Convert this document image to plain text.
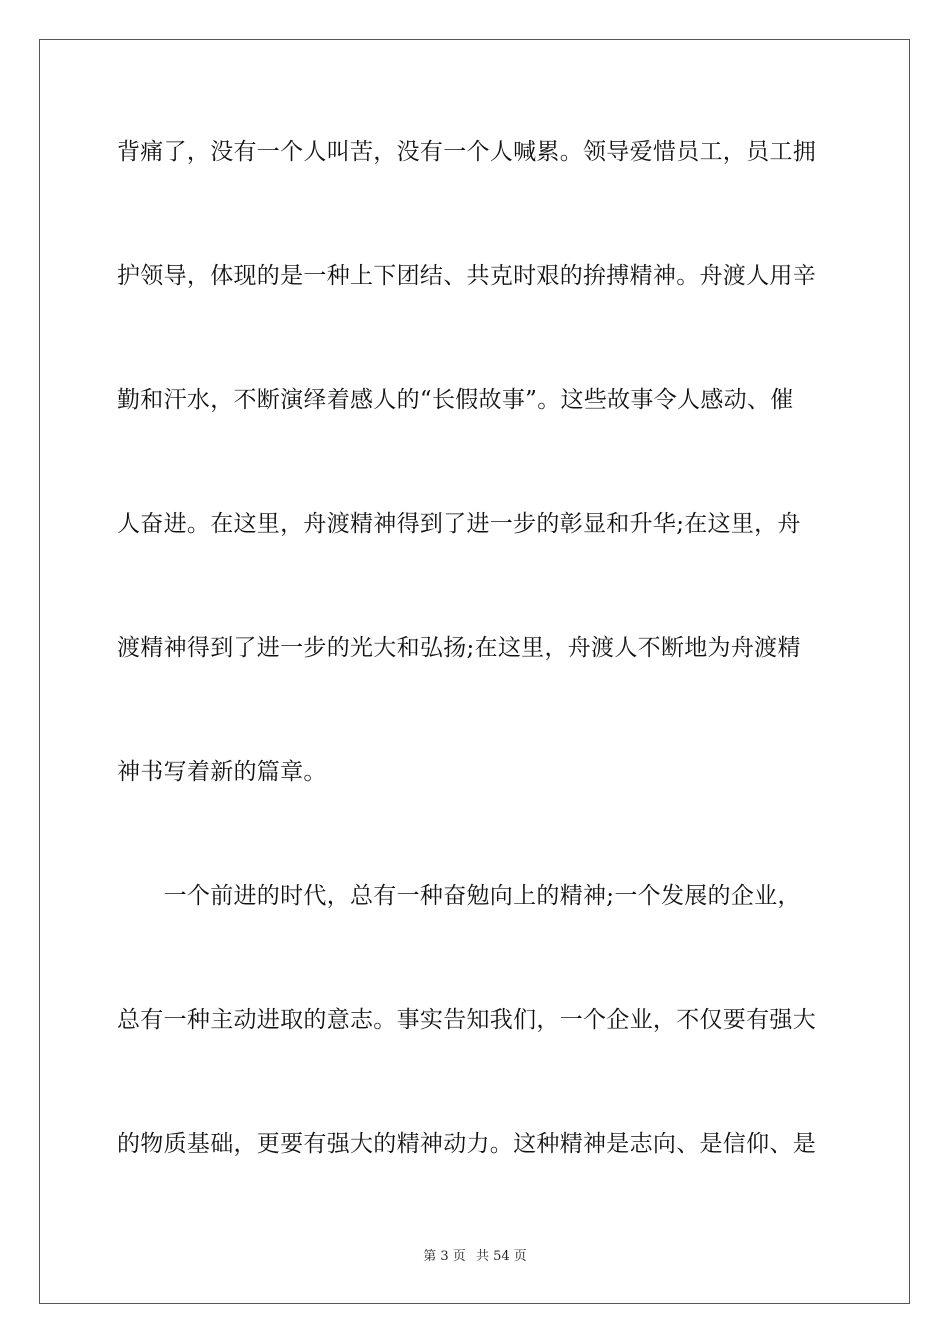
背痛了，没有一个人叫苦，没有一个人喊累。领导爱惜员工，员工拥
护领导，体现的是一种上下团结、共克时艰的拚搏精神。舟渡人用辛
勤和汗水，不断演绎着感人的“长假故事”。这些故事令人感动、催
人奋进。在这里，舟渡精神得到了进一步的彰显和升华;在这里，舟
渡精神得到了进一步的光大和弘扬;在这里，舟渡人不断地为舟渡精
神书写着新的篇章。
　　一个前进的时代，总有一种奋勉向上的精神;一个发展的企业，
总有一种主动进取的意志。事实告知我们，一个企业，不仅要有强大
的物质基础，更要有强大的精神动力。这种精神是志向、是信仰、是
第 3 页 共 54 页
